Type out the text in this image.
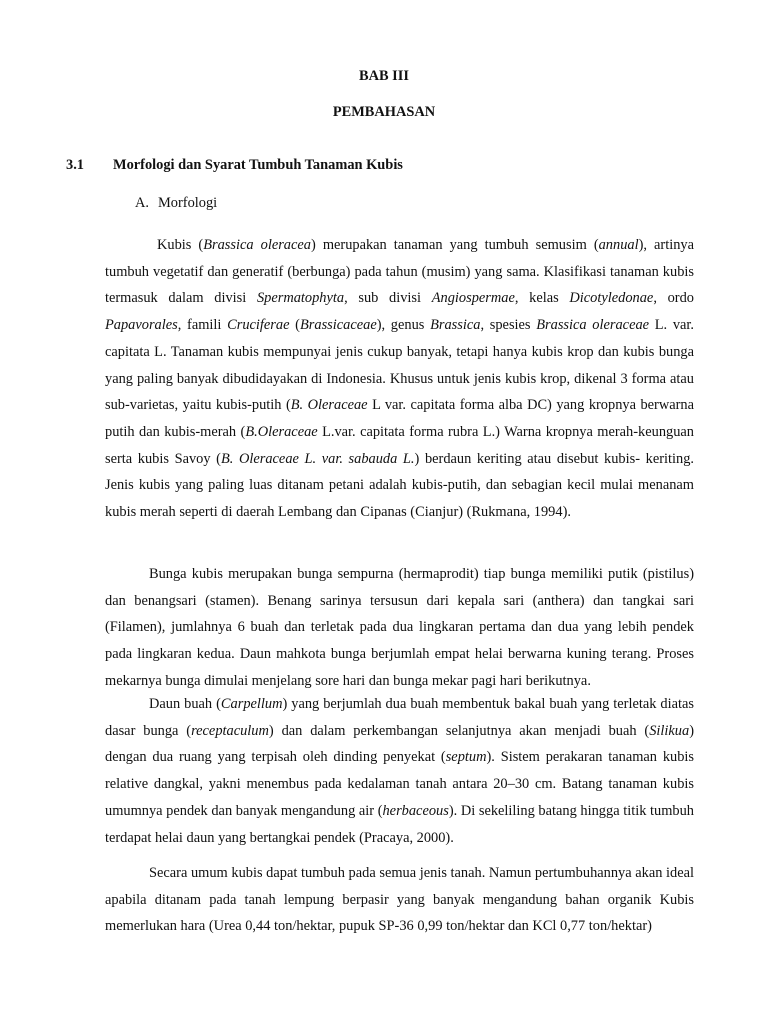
BAB III

PEMBAHASAN

3.1 Morfologi dan Syarat Tumbuh Tanaman Kubis

A. Morfologi

Kubis (Brassica oleracea) merupakan tanaman yang tumbuh semusim (annual), artinya tumbuh vegetatif dan generatif (berbunga) pada tahun (musim) yang sama. Klasifikasi tanaman kubis termasuk dalam divisi Spermatophyta, sub divisi Angiospermae, kelas Dicotyledonae, ordo Papavorales, famili Cruciferae (Brassicaceae), genus Brassica, spesies Brassica oleraceae L. var. capitata L. Tanaman kubis mempunyai jenis cukup banyak, tetapi hanya kubis krop dan kubis bunga yang paling banyak dibudidayakan di Indonesia. Khusus untuk jenis kubis krop, dikenal 3 forma atau sub-varietas, yaitu kubis-putih (B. Oleraceae L var. capitata forma alba DC) yang kropnya berwarna putih dan kubis-merah (B.Oleraceae L.var. capitata forma rubra L.) Warna kropnya merah-keunguan serta kubis Savoy (B. Oleraceae L. var. sabauda L.) berdaun keriting atau disebut kubis- keriting. Jenis kubis yang paling luas ditanam petani adalah kubis-putih, dan sebagian kecil mulai menanam kubis merah seperti di daerah Lembang dan Cipanas (Cianjur) (Rukmana, 1994).

Bunga kubis merupakan bunga sempurna (hermaprodit) tiap bunga memiliki putik (pistilus) dan benangsari (stamen). Benang sarinya tersusun dari kepala sari (anthera) dan tangkai sari (Filamen), jumlahnya 6 buah dan terletak pada dua lingkaran pertama dan dua yang lebih pendek pada lingkaran kedua. Daun mahkota bunga berjumlah empat helai berwarna kuning terang. Proses mekarnya bunga dimulai menjelang sore hari dan bunga mekar pagi hari berikutnya.

Daun buah (Carpellum) yang berjumlah dua buah membentuk bakal buah yang terletak diatas dasar bunga (receptaculum) dan dalam perkembangan selanjutnya akan menjadi buah (Silikua) dengan dua ruang yang terpisah oleh dinding penyekat (septum). Sistem perakaran tanaman kubis relative dangkal, yakni menembus pada kedalaman tanah antara 20–30 cm. Batang tanaman kubis umumnya pendek dan banyak mengandung air (herbaceous). Di sekeliling batang hingga titik tumbuh terdapat helai daun yang bertangkai pendek (Pracaya, 2000).

Secara umum kubis dapat tumbuh pada semua jenis tanah. Namun pertumbuhannya akan ideal apabila ditanam pada tanah lempung berpasir yang banyak mengandung bahan organik Kubis memerlukan hara (Urea 0,44 ton/hektar, pupuk SP-36 0,99 ton/hektar dan KCl 0,77 ton/hektar)
